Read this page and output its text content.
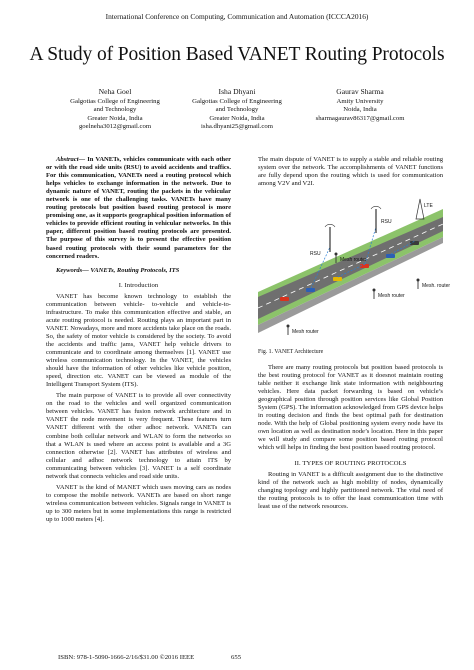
International Conference on Computing, Communication and Automation (ICCCA2016)
A Study of Position Based VANET Routing Protocols
Neha Goel
Galgotias College of Engineering
and Technology
Greater Noida, India
goelneha3012@gmail.com
Isha Dhyani
Galgotias College of Engineering
and Technology
Greater Noida, India
isha.dhyani25@gmail.com
Gaurav Sharma
Amity University
Noida, India
sharmagaurav86317@gmail.com

Abstract— In VANETs, vehicles communicate with each other or with the road side units (RSU) to avoid accidents and traffics. For this communication, VANETs need a routing protocol which helps vehicles to exchange information in the network. Due to dynamic nature of VANET, routing the packets in the vehicular network is one of the challenging tasks. VANETs have many routing protocols but position based routing protocol is more promising one, as it supports geographical position information of vehicles to provide efficient routing in vehicular networks. In this paper, different position based routing protocols are presented. The purpose of this survey is to present the effective position based routing protocols with their sound parameters for the concerned readers.

Keywords— VANETs, Routing Protocols, ITS

I. Introduction

VANET has become known technology to establish the communication between vehicle- to-vehicle and vehicle-to-infrastructure. To make this communication effective and stable, an acute routing protocol is needed. Routing plays an important part in VANET. Nowadays, more and more accidents take place on the roads. So, the safety of motor vehicle is considered by the society. To avoid the accidents and traffic jams, VANET help vehicle drivers to communicate and to coordinate among themselves [1]. VANET use wireless communication technology. In the VANET, the vehicles should have the information of other vehicles like vehicle position, speed, direction etc. VANET can be viewed as module of the Intelligent Transport System (ITS).

The main purpose of VANET is to provide all over connectivity on the road to the vehicles and well organized communication between vehicles. VANET has fusion network architecture and in VANET the node movement is very frequent. These features turn VANET different with the other adhoc network. VANETs can combine both cellular network and WLAN to form the networks so that a WLAN is used where an access point is available and a 3G connection otherwise [2]. VANET has attributes of wireless and cellular and adhoc network technology to attain ITS by communicating between vehicles [3]. VANET is a self coordinate network that connects vehicles and road side units.

VANET is the kind of MANET which uses moving cars as nodes to compose the mobile network. VANETs are based on short range wireless communication between vehicles. Signals range in VANET is up to 300 meters but in some implementations this range is restricted up to 1000 meters [4].

The main dispute of VANET is to supply a stable and reliable routing system over the network. The accomplishments of VANET functions are fully depend upon the routing which is used for communication among V2V and V2I.

RSU
RSU
LTE
Mesh router
Mesh router
Mesh router
Mesh. router
Fig. 1. VANET Architecture

There are many routing protocols but position based protocols is the best routing protocol for VANET as it doesnot maintain routing table neither it exchange link state information with neighbouring vehicles. Here data packet forwarding is based on vehicle’s geographical position through position services like Global Position System (GPS). The information acknowledged from GPS device helps in routing decision and finds the best optimal path for destination node. With the help of Global positioning system every node have its own location as well as destination node’s location. Here in this paper we will study and compare some position based routing protocol which will helps in finding the best position based routing protocol.

II. TYPES OF ROUTING PROTOCOLS

Routing in VANET is a difficult assignment due to the distinctive kind of the network such as high mobility of nodes, dynamically changing topology and highly partitioned network. The vital need of the routing protocols is to offer the least communication time with least use of the network resources.

ISBN: 978-1-5090-1666-2/16/$31.00 ©2016 IEEE	655
